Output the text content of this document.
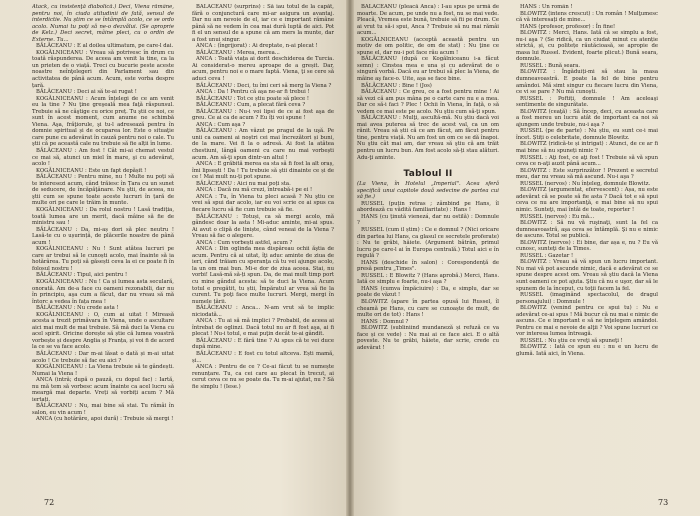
Atack, cu insistenţă diabolică.) Deci, Viena rămâne, pentru noi, în ciuda atitudinii de fată, sensul de interdictie. Nu știm ce se întâmplă acolo, ce se ordo acolo. Numai tu poți să ne-o dezvălui. (Se aproprie de Kelz.) Deci secret, mâine pleci, cu o ordin de Externe. Tu...

BĂLĂCEANU : E al doilea ultimatum, pe care-l dai.

KOGĂLNICEANU : Vreau să potrivesc în drum cu toată răspunderea. De aceea am venit la tine, ca la un prieten de o viață. Treci cu bucurie peste aceste noastre neînţelegeri din Parlament sau din activitatea de până acum. Acum, este vorba despre țară.

BĂLĂCEANU : Deci ai să te-ai rugat !

KOGĂLNICEANU : Acum înțelegi de ce am venit eu la tine ? Nu ţine greşeală mea faţă răspunsul. Trebuie să ne câştige cu orice preț. Tu ştii ce noi, ce sunt în acest moment, cum anume ne schimbă Viena. Aşa, frăţiorule, şi tu-l adresează pentru în domnie spiritual și de ocuparea lor. Este o situaţie care pune cu adevărat în cauză pentru noi o cale. Tu ştii că pe această cale nu trebuie să fie alții în lume.

BĂLĂCEANU : Am fost ! Cât mi-ai chemat vestul ce mai să, atunci un miel în mare, şi cu adevărat, acolo !

KOGĂLNICEANU : Este un fapt depășit !

BĂLĂCEANU : Pentru mine, nu ! Multe nu poți să te interesezi acum, când trăiesc în Țara cu un sunet de seducere, de încăpăţânare. Nu ştii, de aceea, nu ştii cum se spune toate aceste lucruri în țară de multe ori pe care le trăim în munte.

KOGĂLNICEANU : Da rolul nostru ! Lasă tradiția, toată lumea are un merit, dacă mâine să fie de ministru sau !

BĂLĂCEANU : Da, mi-aș dori să plec neutru ! Lasă-te cu o ușurință, de plăcerile noastre de până acum !

KOGĂLNICEANU : Nu ! Sunt atâtea lucruri pe care ar trebui să le cunoști acolo, mai înainte să ia hotărârea. Tu poți să găsești ceva la ei ce poate fi în folosul nostru !

BĂLĂCEANU : Tipul, aici pentru !

KOGĂLNICEANU : Nu ! Ca și lumea asta seculară, onorată. Am de-a face cu oameni rezonabili, dar nu în principiu, aşa cum a făcut, dar nu vreau să mă întorc a vedea în fața mea !

BĂLĂCEANU : Nu crede asta !

KOGĂLNICEANU : O, cum ai uitat ! Mireasă acesta a trezit primăvara în Viena, unde o ascultare aici mai mult de mai trebuie. Să mă duci la Viena cu acel spirit. Oricine dorește să știe că lumea voastră vorbește și despre Anglia și Franța, și voi fi de acord la ce se va face acolo.

BĂLĂCEANU : Dar m-ai lăsat o dată și m-ai uitat acolo ! Ce trebuie să fac eu aici ?

KOGĂLNICEANU : La Viena trebuie să te gândești. Numai la Viena !

ANCA (intră; după o pauză, cu dopul fac) : Iartă, nu mă tem să vorbesc acum înainte ca acel lucru să meargă mai departe. Vreți să vorbiți acum ? Mă iertați.

BĂLĂCEANU : Nu, mai bine să stai. Tu rămâi în salon, eu vin acum !

ANCA (cu hotărâre, apoi dură) : Trebuie să mergi !

BĂLĂCEANU (surprins) : Să iau totul de la capăt, fără o conjunctură care mi-ar asigura un avantaj. Dar nu am nevoie de el, iar ce e important rămâne până să ne vedem în cea mai dură luptă de aici. Pot fi el un sensul de a spune că am mers la munte, dar a fost unui singur.

ANCA : (îngrijorat) : Ai dreptate, n-ai plecat !

BĂLĂCEANU : Merea, merea...

ANCA : Toată viața ai dorit deschiderea de Turcia. Ai considerat-o mereu aproape de a greșit. Dar, acum, pentru noi e o mare faptă. Viena, ţi se cere să aduci ceva !

BĂLĂCEANU : Deci, tu îmi ceri să merg la Viena ?

ANCA : Da ! Pentru că aşa ne-ar fi trebui !

BĂLĂCEANU : Tot ce știu poate să plece !

BĂLĂCEANU : Cum, a plecat fără ceva ?

BĂLĂCEANU : Nu-i voi lipsi de ce ai fost aşa de greu. Ce ai ca de acum ? Eu îți voi spune !

ANCA : Cum aşa ?

BĂLĂCEANU : Am văzut pe pragul de la uşă. Pe unii ca oameni ai noștri cei mai încrezători și buni, de la mare. Vei fi la o adresă. Ai fost la atâtea chestiuni, lângă oameni cu care nu mai vorbești acum. Am să-ţi spun dintr-un altul !

ANCA : E grăbită merea ea sta să fi fost la alt oraș, îmi lipsești ! Da ! Tu trebuie să ştii dinainte ce și de ce ! Mai mult nu-ți pot spune.

BĂLĂCEANU : Aici nu mai poți sta.

ANCA : Dacă nu mă crezi, întreabă-i pe ei !

ANCA : Tu, în Viena tu pleci acasă ? Nu ştiu ce vrei să spui dar acolo, iar eu voi scrie ce ai spus ca fiecare lucru să fie cum trebuie să fie.

BĂLĂCEANU : Totuși, ca să mergi acolo, mă gândesc doar la asta ! Mi-aduc aminte, mi-ai spus. Ai avut o clipă de liniște, când veneai de la Viena ? Vreau să fac o alegere.

ANCA : Cum vorbești astfel, acum ?

ANCA : Din oglinda mea dispăreau ochii ăştia de acum. Pentru că ai uitat, îţi aduc aminte de ziua de ieri, când trăiam cu speranţa că tu vei ajunge acolo, la un om mai bun. Mi-e dor de ziua aceea. Stai, nu vorbi! Lasă-mă să-ți spun. Da, de mai mult timp port cu mine gândul acesta: să te duci la Viena. Acum totul e pregătit, tu știi, Împăratul ar vrea să fie la curent. Tu poţi face multe lucruri. Mergi, mergi în numele țării.

BĂLĂCEANU : Anca... N-am vrut să te implic niciodată...

ANCA : Tu ai să mă implici ? Probabil, de aceea ai întrebat de oglinzi. Dacă totul nu ar fi fost aşa, ai fi plecat ! Nu-i totul, e mai puţin decât te-ai gândit.

BĂLĂCEANU : E fără tine ? Ai spus că te vei duce după mine.

BĂLĂCEANU : E fost cu totul altceva. Ești mamă, și...

ANCA : Pentru de ce ? Ce-ai făcut tu se numește renunțare. Tu, ca cei care au plecat în trecut, ai cerut ceva ce nu se poate da. Tu m-ai ajutat, nu ? Să fie simplu ! (Iese.)

72

BĂLĂCEANU (pleacă Anca) : I-au spus pe urmă de moarte. De acum, pe unde nu a fost, nu se mai vede. Pleacă, Vremea este bună, trebuie să fii pe drum. Ce ai vrut tu să-i spui, Anca ? Trebuie să nu mai rămâi acum...

KOGĂLNICEANU (acceptă această pentru un motiv de om politic, de om de stat) : Nu ţine ce spune el, dar nu-i pot face rău acum !

BĂLĂCEANU (după ce Kogălniceanu i-a făcut semn) : Cinstea mea e una și cu adevărat de o singură vorbă. Dacă eu ar trebui să plec la Viena, de mâine aş face-o. Uite, aşa se face bine.

BĂLĂCEANU : Bine ! (Jos)

BĂLĂCEANU : Ce greu, ce a fost pentru mine ! Ai să vezi că am pus mâna pe o carte care nu e a mea. Dar ce să-i faci ? Plec ! Ochii în Viena, în față, o să vedem ce mai este pe acolo. Nu ştiu cum să-ţi spun.

BĂLĂCEANU : Mulţi, ascultă-mă. Nu ştiu dacă voi mai avea puterea să trec de acest val, ca un om rănit. Vreau să știi că ce am făcut, am făcut pentru tine, pentru viață. Nu am fost un om ce se dă înapoi. Nu ştiu cât mai am, dar vreau să ştiu că am trăit pentru un lucru bun. Am fost acolo să-ți stau alături. Adu-ţi aminte.

Tabloul II

(La Viena, în Hotelul „Imperial". Acea sferă specifică unui capitole două sedecine de partea cui să fie.)

RUSSEL (puțin retras ; zâmbind pe Hans, îl abordează cu vădită familiaritate) : Hans !

HANS (cu ținută vienezá, dar nu ostilă) : Domnule ?

RUSSEL (cum il știm) : Ce e domnul ? (Nici oricare din partea lui Hans, ca glasul ce secretele proferate) : Nu te grăbi, hăiete. (Argument bătrân, primul lucru pe care-l ai în Europa centrală.) Totul aici e în regulă ?

HANS (deschide în salon) : Corespondență de presă pentru „Times".

RUSSEL : E Blowitz ? (Hans aprobă.) Merci, Hans. Iată ce simplu e foarte, nu-i aşa ?

HANS (cumva împăciuire) : Da, e simplu, dar se poate de văzut !

BLOWITZ (apare în partea opusă lui Russel, îl cheamă pe Hans, cu care se cunoaște de mult, de multe ori de tot) : Hans !

HANS : Domnul ?

BLOWITZ (subliniind mundaneză și refuză ce va face și ce vede) : Nu mai ai ce face aici. E o altă poveste. Nu te grăbi, hăiete, dar scrie, crede cu adevărat !

HANS : Un român !

BLOWITZ (intens crescut) : Un român ! Mulţumesc că vă interesați de mine...

HANS (profesor, profesor) : În fine!

BLOWITZ : Merci, Hans. Iată că se simplu a fost, nu-i aşa ? (Se ridică, ca un ciudat minut cu atenție strictă, și, cu politețe răutăcioasă, se apropie de masa lui Russel. Evident, foarte plicut.) Bună seara, domnule.

RUSSEL : Bună seara.

BLOWITZ : Îngăduiți-mi să stau la masa dumneavoastră. E poate la fel de bine pentru amândoi. Mă simt singur cu fiecare lucru din Viena, ce vi se pare ? Nu mă cunoști.

RUSSEL : Poftiți, domnule ! Am aceleaşi sentimente de singurătate.

BLOWITZ (ceaţă) : Să încep, deci, cu aceasta care a fost mereu un lucru atât de important ca noi să ajungem unde trebuie, nu-i aşa ?

RUSSEL (pe de parte) : Nu știu, eu sunt ce-i mai încet. Știți o celebritate, domnule Blowitz.

BLOWITZ (ridică-te și intrigat) : Atunci, de ce ar fi mai bine să nu spuneți nimic ?

RUSSEL : Aţi fost, ce aţi fost ! Trebuie să vă spun ceva ce n-aţi auzit până acum...

BLOWITZ : Este surprinzător ! Prezent e secretul meu, dar nu vreau să mă ascund. Nu-i aşa ?

RUSSEL (nervos) : Nu înțeleg, domnule Blowitz.

BLOWITZ (argumentat, efervescent) : Așa, nu este adevărat că se poate să fie asta ? Dacă tot e să spui ceva ce nu are importanţă, e mai bine să nu spui nimic. Sunteţi, mai întâi de toate, reporter !

RUSSEL (nervos) : Eu mă...

BLOWITZ : Să nu vă ruşinaţi, sunt la fel ca dumneavoastră, aşa ceva se întâmplă. Şi nu e nimic de ascuns. Totul se publică.

BLOWITZ (nervos) : Ei bine, dar așa e, nu ? Eu vă cunosc, sunteţi de la Times.

RUSSEL : Gazetar !

BLOWITZ : Vreau să vă spun un lucru important. Nu mai vă pot ascunde nimic, dacă e adevărat ce se spune despre acest om. Vreau să ştiu dacă la Viena sunt oameni ce pot ajuta. Ştiu că nu e uşor, dar să le spunem de la început, cu toţii facem la fel.

RUSSEL (imaginând spectacolul, de dragul personajului) : Domnule !

BLOWITZ (venind pentru ce spui tu) : Nu e adevărat ce-ai spus ! Mă bucur că nu mai e nimic de ascuns. Ce e important e să ne înţelegem amândoi. Pentru ce mai e nevoie de alţii ? Voi spune lucruri ce vor interesa lumea întreagă.

RUSSEL : Nu ştiu ce vreţi să spuneţi !

BLOWITZ : Iată ce spun eu : nu e un lucru de glumă. Iată aici, în Viena.

73
